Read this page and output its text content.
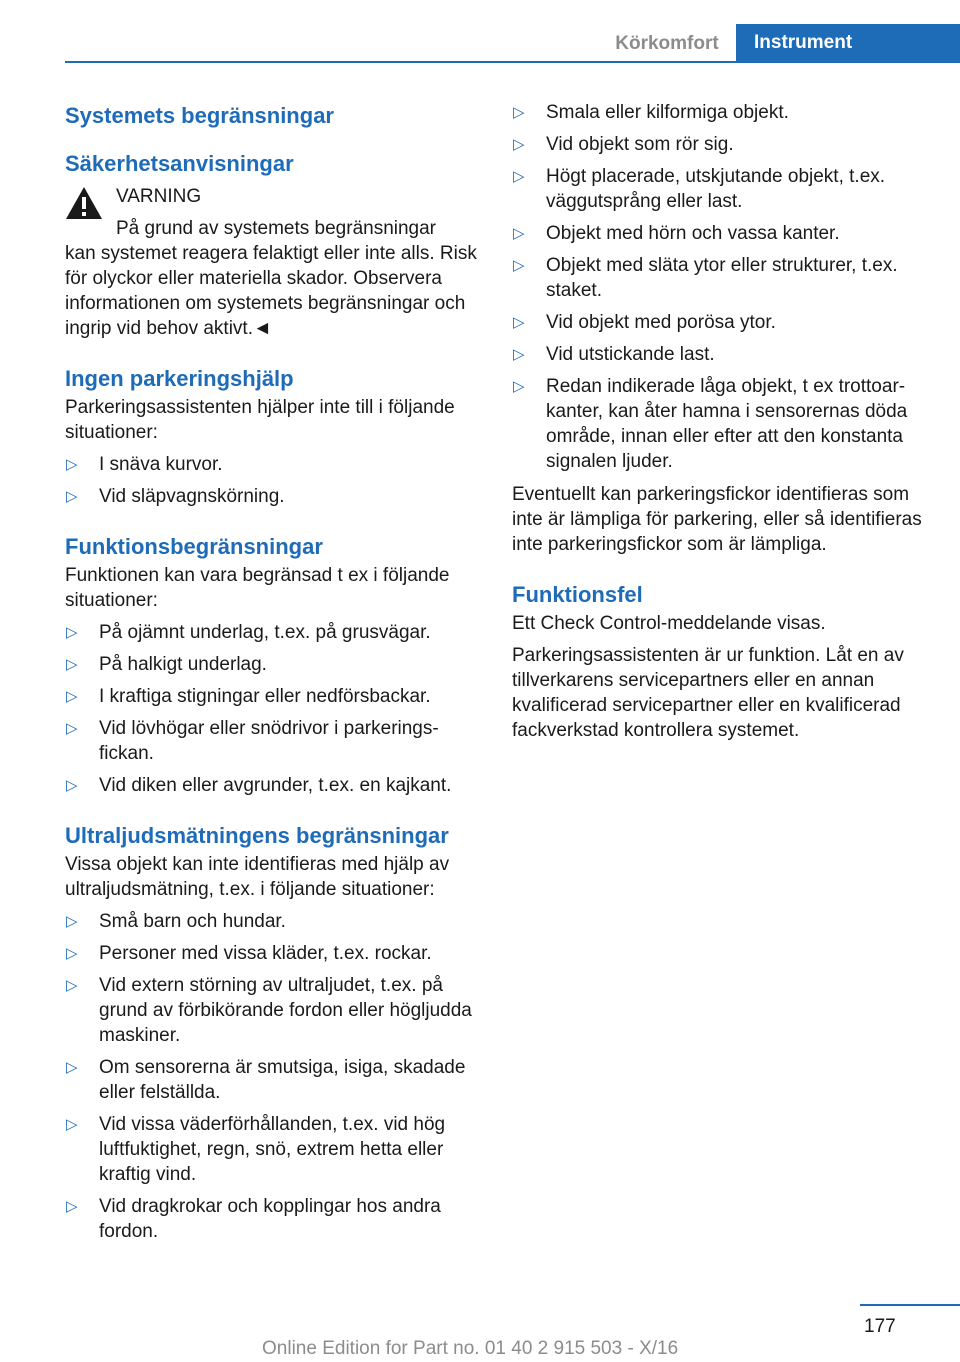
Körkomfort	Instrument
Systemets begränsningar
Säkerhetsanvisningar
VARNING
På grund av systemets begränsningar
kan systemet reagera felaktigt eller inte alls. Risk för olyckor eller materiella skador. Observera informationen om systemets begränsningar och ingrip vid behov aktivt.◄
Ingen parkeringshjälp

Parkeringsassistenten hjälper inte till i följande situationer:

▷ I snäva kurvor.
▷ Vid släpvagnskörning.
Funktionsbegränsningar

Funktionen kan vara begränsad t ex i följande situationer:

▷ På ojämnt underlag, t.ex. på grusvägar.
▷ På halkigt underlag.
▷ I kraftiga stigningar eller nedförsbackar.
▷ Vid lövhögar eller snödrivor i parkeringsfickan.
▷ Vid diken eller avgrunder, t.ex. en kajkant.
Ultraljudsmätningens begränsningar

Vissa objekt kan inte identifieras med hjälp av ultraljudsmätning, t.ex. i följande situationer:

▷ Små barn och hundar.
▷ Personer med vissa kläder, t.ex. rockar.
▷ Vid extern störning av ultraljudet, t.ex. på grund av förbikörande fordon eller högljudda maskiner.
▷ Om sensorerna är smutsiga, isiga, skadade eller felställda.
▷ Vid vissa väderförhållanden, t.ex. vid hög luftfuktighet, regn, snö, extrem hetta eller kraftig vind.
▷ Vid dragkrokar och kopplingar hos andra fordon.
▷ Smala eller kilformiga objekt.
▷ Vid objekt som rör sig.
▷ Högt placerade, utskjutande objekt, t.ex. väggutsprång eller last.
▷ Objekt med hörn och vassa kanter.
▷ Objekt med släta ytor eller strukturer, t.ex. staket.
▷ Vid objekt med porösa ytor.
▷ Vid utstickande last.
▷ Redan indikerade låga objekt, t ex trottoarkanter, kan åter hamna i sensorernas döda område, innan eller efter att den konstanta signalen ljuder.

Eventuellt kan parkeringsfickor identifieras som inte är lämpliga för parkering, eller så identifieras inte parkeringsfickor som är lämpliga.

Funktionsfel

Ett Check Control-meddelande visas.

Parkeringsassistenten är ur funktion. Låt en av tillverkarens servicepartners eller en annan kvalificerad servicepartner eller en kvalificerad fackverkstad kontrollera systemet.

177
Online Edition for Part no. 01 40 2 915 503 - X/16
